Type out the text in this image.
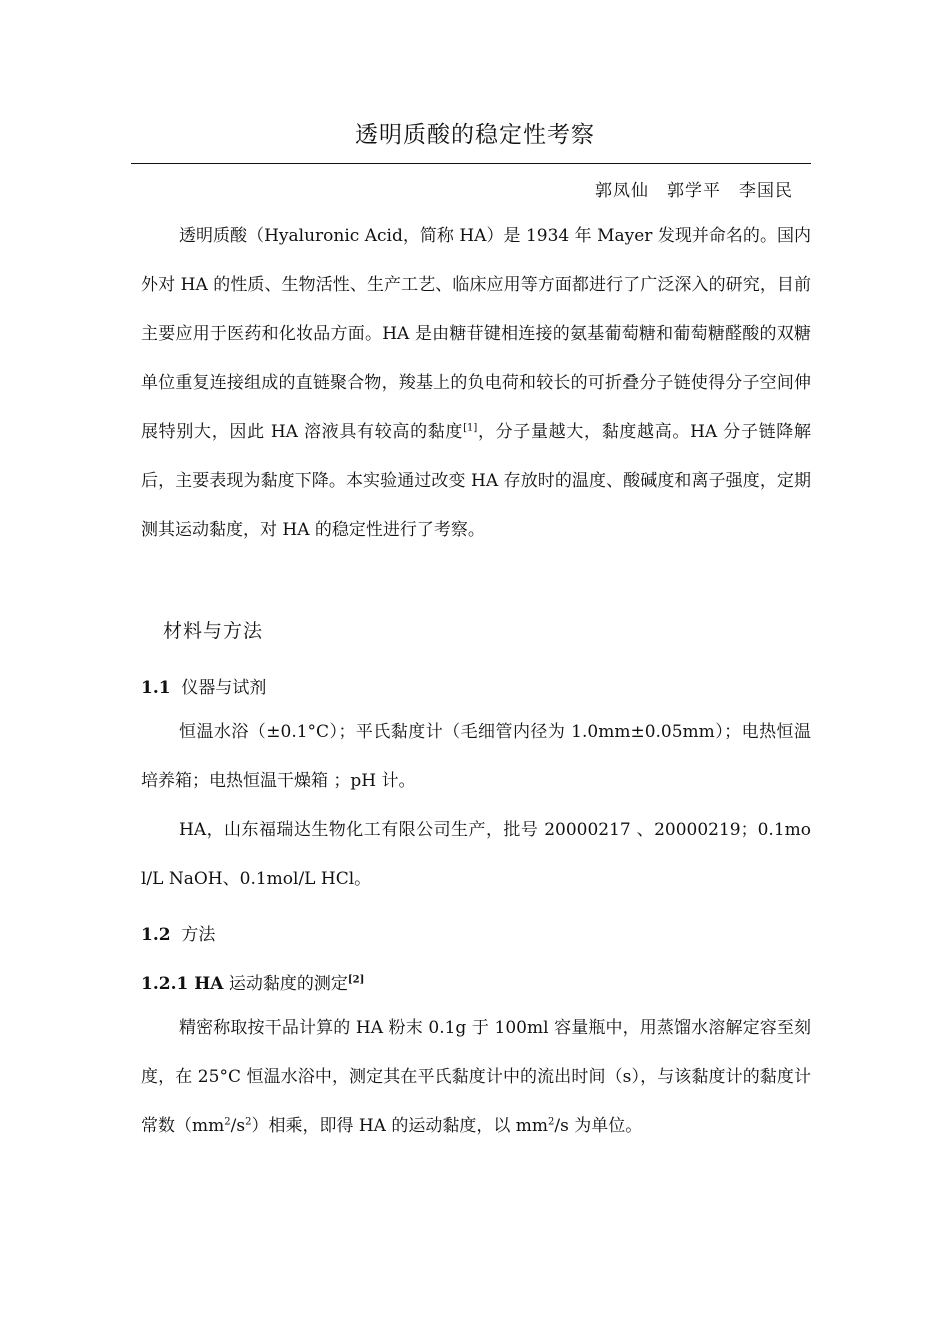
透明质酸的稳定性考察
郭凤仙　郭学平　李国民

透明质酸（Hyaluronic Acid，简称 HA）是 1934 年 Mayer 发现并命名的。国内外对 HA 的性质、生物活性、生产工艺、临床应用等方面都进行了广泛深入的研究，目前主要应用于医药和化妆品方面。HA 是由糖苷键相连接的氨基葡萄糖和葡萄糖醛酸的双糖单位重复连接组成的直链聚合物，羧基上的负电荷和较长的可折叠分子链使得分子空间伸展特别大，因此 HA 溶液具有较高的黏度[1]，分子量越大，黏度越高。HA 分子链降解后，主要表现为黏度下降。本实验通过改变 HA 存放时的温度、酸碱度和离子强度，定期测其运动黏度，对 HA 的稳定性进行了考察。

材料与方法
1.1 仪器与试剂

恒温水浴（±0.1°C）；平氏黏度计（毛细管内径为 1.0mm±0.05mm）；电热恒温培养箱；电热恒温干燥箱 ；pH 计。

HA，山东福瑞达生物化工有限公司生产，批号 20000217 、20000219；0.1mol/L NaOH、0.1mol/L HCl。

1.2 方法
1.2.1 HA 运动黏度的测定[2]

精密称取按干品计算的 HA 粉末 0.1g 于 100ml 容量瓶中，用蒸馏水溶解定容至刻度，在 25°C 恒温水浴中，测定其在平氏黏度计中的流出时间（s），与该黏度计的黏度计常数$(mm^2/s^2)$相乘，即得 HA 的运动黏度，以 $mm^2/s$ 为单位。
